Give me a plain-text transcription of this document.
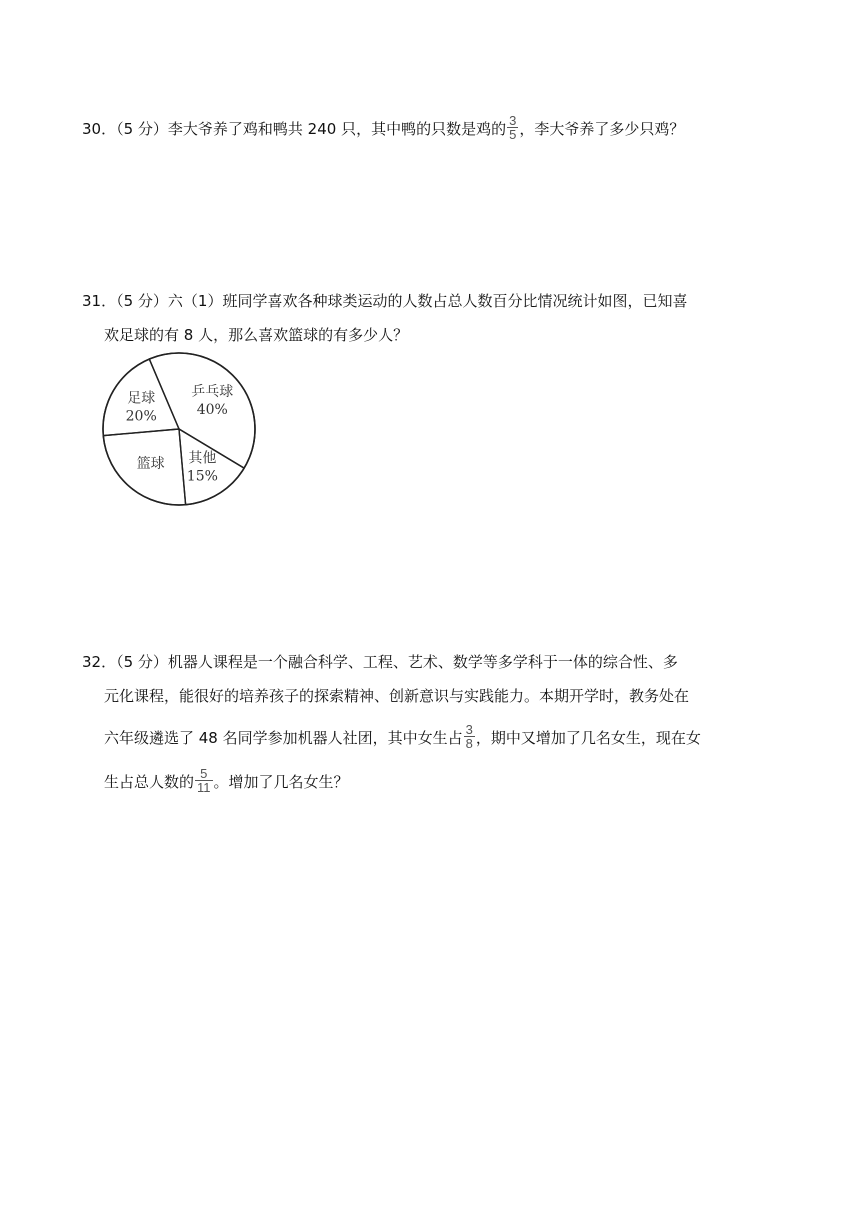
30．（5 分）李大爷养了鸡和鸭共 240 只，其中鸭的只数是鸡的 $\frac{3}{5}$ ，李大爷养了多少只鸡？
31．（5 分）六（1）班同学喜欢各种球类运动的人数占总人数百分比情况统计如图，已知喜
欢足球的有 8 人，那么喜欢篮球的有多少人？
乒乓球
40%
其他
15%
篮球
足球
20%
32．（5 分）机器人课程是一个融合科学、工程、艺术、数学等多学科于一体的综合性、多
元化课程，能很好的培养孩子的探索精神、创新意识与实践能力。本期开学时，教务处在
六年级遴选了 48 名同学参加机器人社团，其中女生占 $\frac{3}{8}$ ，期中又增加了几名女生，现在女
生占总人数的 $\frac{5}{11}$ 。增加了几名女生？
